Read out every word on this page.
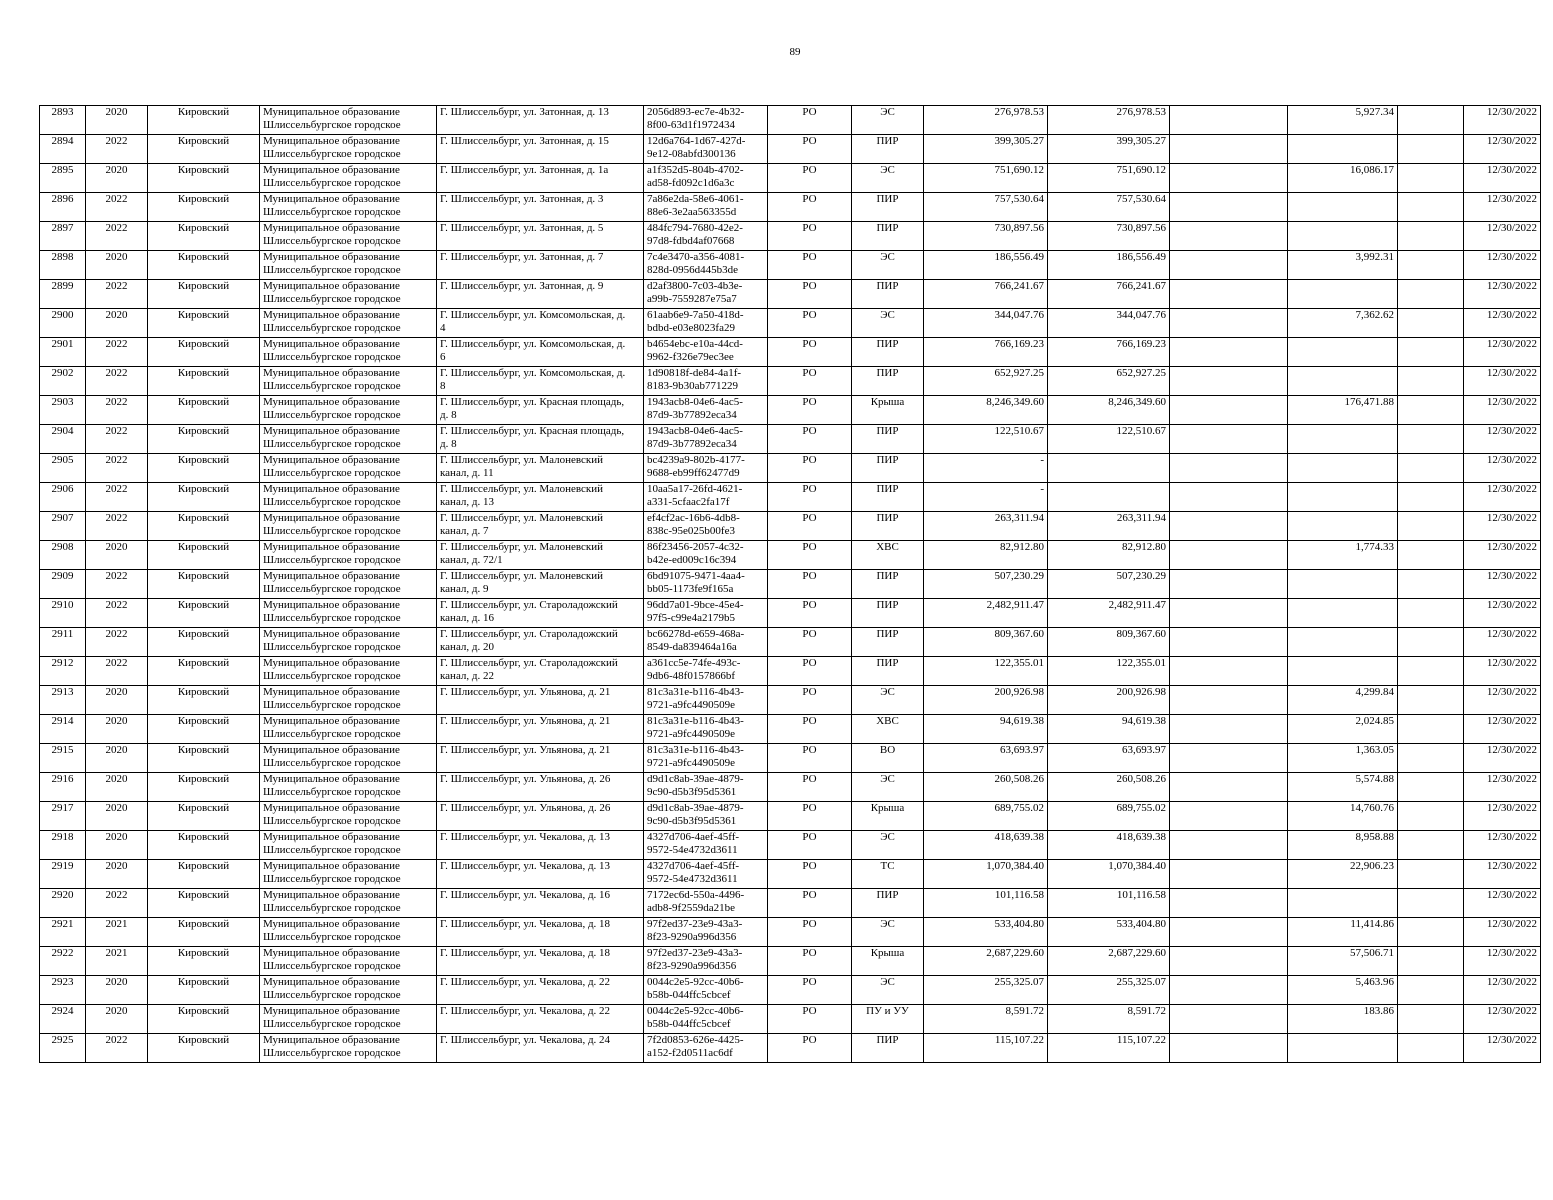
89
2893	2020	Кировский	Муниципальное образование
Шлиссельбургское городское	Г. Шлиссельбург, ул. Затонная, д. 13	2056d893-ec7e-4b32-
8f00-63d1f1972434	РО	ЭС	276,978.53	276,978.53		5,927.34		12/30/2022
2894	2022	Кировский	Муниципальное образование
Шлиссельбургское городское	Г. Шлиссельбург, ул. Затонная, д. 15	12d6a764-1d67-427d-
9e12-08abfd300136	РО	ПИР	399,305.27	399,305.27				12/30/2022
2895	2020	Кировский	Муниципальное образование
Шлиссельбургское городское	Г. Шлиссельбург, ул. Затонная, д. 1а	a1f352d5-804b-4702-
ad58-fd092c1d6a3c	РО	ЭС	751,690.12	751,690.12		16,086.17		12/30/2022
2896	2022	Кировский	Муниципальное образование
Шлиссельбургское городское	Г. Шлиссельбург, ул. Затонная, д. 3	7a86e2da-58e6-4061-
88e6-3e2aa563355d	РО	ПИР	757,530.64	757,530.64				12/30/2022
2897	2022	Кировский	Муниципальное образование
Шлиссельбургское городское	Г. Шлиссельбург, ул. Затонная, д. 5	484fc794-7680-42e2-
97d8-fdbd4af07668	РО	ПИР	730,897.56	730,897.56				12/30/2022
2898	2020	Кировский	Муниципальное образование
Шлиссельбургское городское	Г. Шлиссельбург, ул. Затонная, д. 7	7c4e3470-a356-4081-
828d-0956d445b3de	РО	ЭС	186,556.49	186,556.49		3,992.31		12/30/2022
2899	2022	Кировский	Муниципальное образование
Шлиссельбургское городское	Г. Шлиссельбург, ул. Затонная, д. 9	d2af3800-7c03-4b3e-
a99b-7559287e75a7	РО	ПИР	766,241.67	766,241.67				12/30/2022
2900	2020	Кировский	Муниципальное образование
Шлиссельбургское городское	Г. Шлиссельбург, ул. Комсомольская, д.
4	61aab6e9-7a50-418d-
bdbd-e03e8023fa29	РО	ЭС	344,047.76	344,047.76		7,362.62		12/30/2022
2901	2022	Кировский	Муниципальное образование
Шлиссельбургское городское	Г. Шлиссельбург, ул. Комсомольская, д.
6	b4654ebc-e10a-44cd-
9962-f326e79ec3ee	РО	ПИР	766,169.23	766,169.23				12/30/2022
2902	2022	Кировский	Муниципальное образование
Шлиссельбургское городское	Г. Шлиссельбург, ул. Комсомольская, д.
8	1d90818f-de84-4a1f-
8183-9b30ab771229	РО	ПИР	652,927.25	652,927.25				12/30/2022
2903	2022	Кировский	Муниципальное образование
Шлиссельбургское городское	Г. Шлиссельбург, ул. Красная площадь,
д. 8	1943acb8-04e6-4ac5-
87d9-3b77892eca34	РО	Крыша	8,246,349.60	8,246,349.60		176,471.88		12/30/2022
2904	2022	Кировский	Муниципальное образование
Шлиссельбургское городское	Г. Шлиссельбург, ул. Красная площадь,
д. 8	1943acb8-04e6-4ac5-
87d9-3b77892eca34	РО	ПИР	122,510.67	122,510.67				12/30/2022
2905	2022	Кировский	Муниципальное образование
Шлиссельбургское городское	Г. Шлиссельбург, ул. Малоневский
канал, д. 11	bc4239a9-802b-4177-
9688-eb99ff62477d9	РО	ПИР	-					12/30/2022
2906	2022	Кировский	Муниципальное образование
Шлиссельбургское городское	Г. Шлиссельбург, ул. Малоневский
канал, д. 13	10aa5a17-26fd-4621-
a331-5cfaac2fa17f	РО	ПИР	-					12/30/2022
2907	2022	Кировский	Муниципальное образование
Шлиссельбургское городское	Г. Шлиссельбург, ул. Малоневский
канал, д. 7	ef4cf2ac-16b6-4db8-
838c-95e025b00fe3	РО	ПИР	263,311.94	263,311.94				12/30/2022
2908	2020	Кировский	Муниципальное образование
Шлиссельбургское городское	Г. Шлиссельбург, ул. Малоневский
канал, д. 72/1	86f23456-2057-4c32-
b42e-ed009c16c394	РО	ХВС	82,912.80	82,912.80		1,774.33		12/30/2022
2909	2022	Кировский	Муниципальное образование
Шлиссельбургское городское	Г. Шлиссельбург, ул. Малоневский
канал, д. 9	6bd91075-9471-4aa4-
bb05-1173fe9f165a	РО	ПИР	507,230.29	507,230.29				12/30/2022
2910	2022	Кировский	Муниципальное образование
Шлиссельбургское городское	Г. Шлиссельбург, ул. Староладожский
канал, д. 16	96dd7a01-9bce-45e4-
97f5-c99e4a2179b5	РО	ПИР	2,482,911.47	2,482,911.47				12/30/2022
2911	2022	Кировский	Муниципальное образование
Шлиссельбургское городское	Г. Шлиссельбург, ул. Староладожский
канал, д. 20	bc66278d-e659-468a-
8549-da839464a16a	РО	ПИР	809,367.60	809,367.60				12/30/2022
2912	2022	Кировский	Муниципальное образование
Шлиссельбургское городское	Г. Шлиссельбург, ул. Староладожский
канал, д. 22	a361cc5e-74fe-493c-
9db6-48f0157866bf	РО	ПИР	122,355.01	122,355.01				12/30/2022
2913	2020	Кировский	Муниципальное образование
Шлиссельбургское городское	Г. Шлиссельбург, ул. Ульянова, д. 21	81c3a31e-b116-4b43-
9721-a9fc4490509e	РО	ЭС	200,926.98	200,926.98		4,299.84		12/30/2022
2914	2020	Кировский	Муниципальное образование
Шлиссельбургское городское	Г. Шлиссельбург, ул. Ульянова, д. 21	81c3a31e-b116-4b43-
9721-a9fc4490509e	РО	ХВС	94,619.38	94,619.38		2,024.85		12/30/2022
2915	2020	Кировский	Муниципальное образование
Шлиссельбургское городское	Г. Шлиссельбург, ул. Ульянова, д. 21	81c3a31e-b116-4b43-
9721-a9fc4490509e	РО	ВО	63,693.97	63,693.97		1,363.05		12/30/2022
2916	2020	Кировский	Муниципальное образование
Шлиссельбургское городское	Г. Шлиссельбург, ул. Ульянова, д. 26	d9d1c8ab-39ae-4879-
9c90-d5b3f95d5361	РО	ЭС	260,508.26	260,508.26		5,574.88		12/30/2022
2917	2020	Кировский	Муниципальное образование
Шлиссельбургское городское	Г. Шлиссельбург, ул. Ульянова, д. 26	d9d1c8ab-39ae-4879-
9c90-d5b3f95d5361	РО	Крыша	689,755.02	689,755.02		14,760.76		12/30/2022
2918	2020	Кировский	Муниципальное образование
Шлиссельбургское городское	Г. Шлиссельбург, ул. Чекалова, д. 13	4327d706-4aef-45ff-
9572-54e4732d3611	РО	ЭС	418,639.38	418,639.38		8,958.88		12/30/2022
2919	2020	Кировский	Муниципальное образование
Шлиссельбургское городское	Г. Шлиссельбург, ул. Чекалова, д. 13	4327d706-4aef-45ff-
9572-54e4732d3611	РО	ТС	1,070,384.40	1,070,384.40		22,906.23		12/30/2022
2920	2022	Кировский	Муниципальное образование
Шлиссельбургское городское	Г. Шлиссельбург, ул. Чекалова, д. 16	7172ec6d-550a-4496-
adb8-9f2559da21be	РО	ПИР	101,116.58	101,116.58				12/30/2022
2921	2021	Кировский	Муниципальное образование
Шлиссельбургское городское	Г. Шлиссельбург, ул. Чекалова, д. 18	97f2ed37-23e9-43a3-
8f23-9290a996d356	РО	ЭС	533,404.80	533,404.80		11,414.86		12/30/2022
2922	2021	Кировский	Муниципальное образование
Шлиссельбургское городское	Г. Шлиссельбург, ул. Чекалова, д. 18	97f2ed37-23e9-43a3-
8f23-9290a996d356	РО	Крыша	2,687,229.60	2,687,229.60		57,506.71		12/30/2022
2923	2020	Кировский	Муниципальное образование
Шлиссельбургское городское	Г. Шлиссельбург, ул. Чекалова, д. 22	0044c2e5-92cc-40b6-
b58b-044ffc5cbcef	РО	ЭС	255,325.07	255,325.07		5,463.96		12/30/2022
2924	2020	Кировский	Муниципальное образование
Шлиссельбургское городское	Г. Шлиссельбург, ул. Чекалова, д. 22	0044c2e5-92cc-40b6-
b58b-044ffc5cbcef	РО	ПУ и УУ	8,591.72	8,591.72		183.86		12/30/2022
2925	2022	Кировский	Муниципальное образование
Шлиссельбургское городское	Г. Шлиссельбург, ул. Чекалова, д. 24	7f2d0853-626e-4425-
a152-f2d0511ac6df	РО	ПИР	115,107.22	115,107.22				12/30/2022
